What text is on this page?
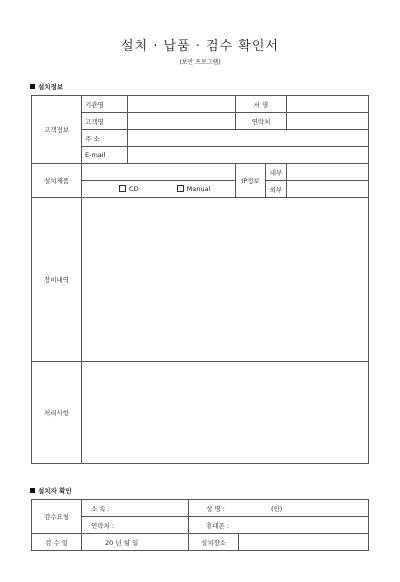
설치 · 납품 · 검수 확인서
(보안 프로그램)
설치정보
고객정보	기관명		서 명		
	고객명		연락처		
	주 소				
	E-mail				
설치제품			IP정보	내부	
	CD Manual			외부	
장비내역					
처리사항					
설치자 확인
검수요청	소 속 :	성 명 : (인)	
	연락처 :	휴대폰 :	
검 수 일	20 년 월 일	설치장소	
